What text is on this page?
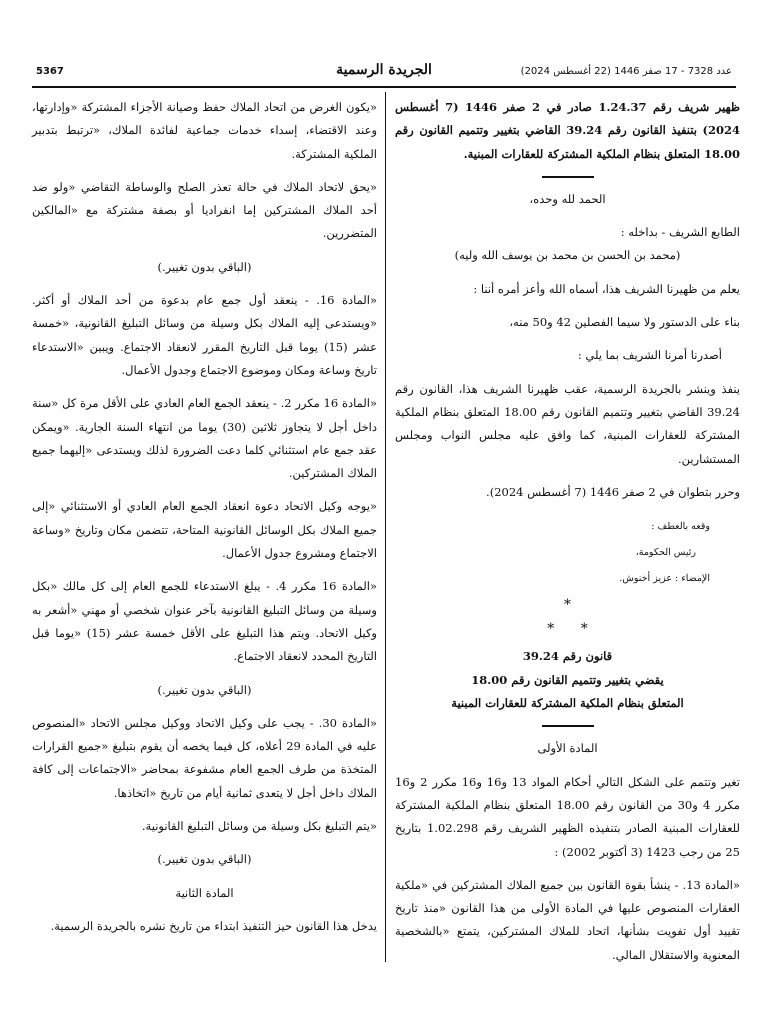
5367	الجريدة الرسمية	عدد 7328 - 17 صفر 1446 (22 أغسطس 2024)

ظهير شريف رقم 1.24.37 صادر في 2 صفر 1446 (7 أغسطس 2024) بتنفيذ القانون رقم 39.24 القاضي بتغيير وتتميم القانون رقم 18.00 المتعلق بنظام الملكية المشتركة للعقارات المبنية.

الحمد لله وحده،

الطابع الشريف - بداخله :

(محمد بن الحسن بن محمد بن يوسف الله وليه)

يعلم من ظهيرنا الشريف هذا، أسماه الله وأعز أمره أننا :

بناء على الدستور ولا سيما الفصلين 42 و50 منه،

أصدرنا أمرنا الشريف بما يلي :

ينفذ وينشر بالجريدة الرسمية، عقب ظهيرنا الشريف هذا، القانون رقم 39.24 القاضي بتغيير وتتميم القانون رقم 18.00 المتعلق بنظام الملكية المشتركة للعقارات المبنية، كما وافق عليه مجلس النواب ومجلس المستشارين.

وحرر بتطوان في 2 صفر 1446 (7 أغسطس 2024).

وقعه بالعطف :
رئيس الحكومة،
الإمضاء : عزيز أخنوش.
*
* *

قانون رقم 39.24

يقضي بتغيير وتتميم القانون رقم 18.00

المتعلق بنظام الملكية المشتركة للعقارات المبنية

المادة الأولى

تغير وتتمم على الشكل التالي أحكام المواد 13 و16 و16 مكرر 2 و16 مكرر 4 و30 من القانون رقم 18.00 المتعلق بنظام الملكية المشتركة للعقارات المبنية الصادر بتنفيذه الظهير الشريف رقم 1.02.298 بتاريخ 25 من رجب 1423 (3 أكتوبر 2002) :

«المادة 13. - ينشأ بقوة القانون بين جميع الملاك المشتركين في «ملكية العقارات المنصوص عليها في المادة الأولى من هذا القانون «منذ تاريخ تقييد أول تفويت بشأنها، اتحاد للملاك المشتركين، يتمتع «بالشخصية المعنوية والاستقلال المالي.

«يكون الغرض من اتحاد الملاك حفظ وصيانة الأجزاء المشتركة «وإدارتها، وعند الاقتضاء، إسداء خدمات جماعية لفائدة الملاك، «ترتبط بتدبير الملكية المشتركة.

«يحق لاتحاد الملاك في حالة تعذر الصلح والوساطة التقاضي «ولو ضد أحد الملاك المشتركين إما انفراديا أو بصفة مشتركة مع «المالكين المتضررين.

(الباقي بدون تغيير.)

«المادة 16. - ينعقد أول جمع عام بدعوة من أحد الملاك أو أكثر. «ويستدعى إليه الملاك بكل وسيلة من وسائل التبليغ القانونية، «خمسة عشر (15) يوما قبل التاريخ المقرر لانعقاد الاجتماع. ويبين «الاستدعاء تاريخ وساعة ومكان وموضوع الاجتماع وجدول الأعمال.

«المادة 16 مكرر 2. - ينعقد الجمع العام العادي على الأقل مرة كل «سنة داخل أجل لا يتجاوز ثلاثين (30) يوما من انتهاء السنة الجارية. «ويمكن عقد جمع عام استثنائي كلما دعت الضرورة لذلك ويستدعى «إليهما جميع الملاك المشتركين.

«يوجه وكيل الاتحاد دعوة انعقاد الجمع العام العادي أو الاستثنائي «إلى جميع الملاك بكل الوسائل القانونية المتاحة، تتضمن مكان وتاريخ «وساعة الاجتماع ومشروع جدول الأعمال.

«المادة 16 مكرر 4. - يبلغ الاستدعاء للجمع العام إلى كل مالك «بكل وسيلة من وسائل التبليغ القانونية بآخر عنوان شخصي أو مهني «أشعر به وكيل الاتحاد. ويتم هذا التبليغ على الأقل خمسة عشر (15) «يوما قبل التاريخ المحدد لانعقاد الاجتماع.

(الباقي بدون تغيير.)

«المادة 30. - يجب على وكيل الاتحاد ووكيل مجلس الاتحاد «المنصوص عليه في المادة 29 أعلاه، كل فيما يخصه أن يقوم بتبليغ «جميع القرارات المتخذة من طرف الجمع العام مشفوعة بمحاضر «الاجتماعات إلى كافة الملاك داخل أجل لا يتعدى ثمانية أيام من تاريخ «اتخاذها.

«يتم التبليغ بكل وسيلة من وسائل التبليغ القانونية.

(الباقي بدون تغيير.)

المادة الثانية

يدخل هذا القانون حيز التنفيذ ابتداء من تاريخ نشره بالجريدة الرسمية.
